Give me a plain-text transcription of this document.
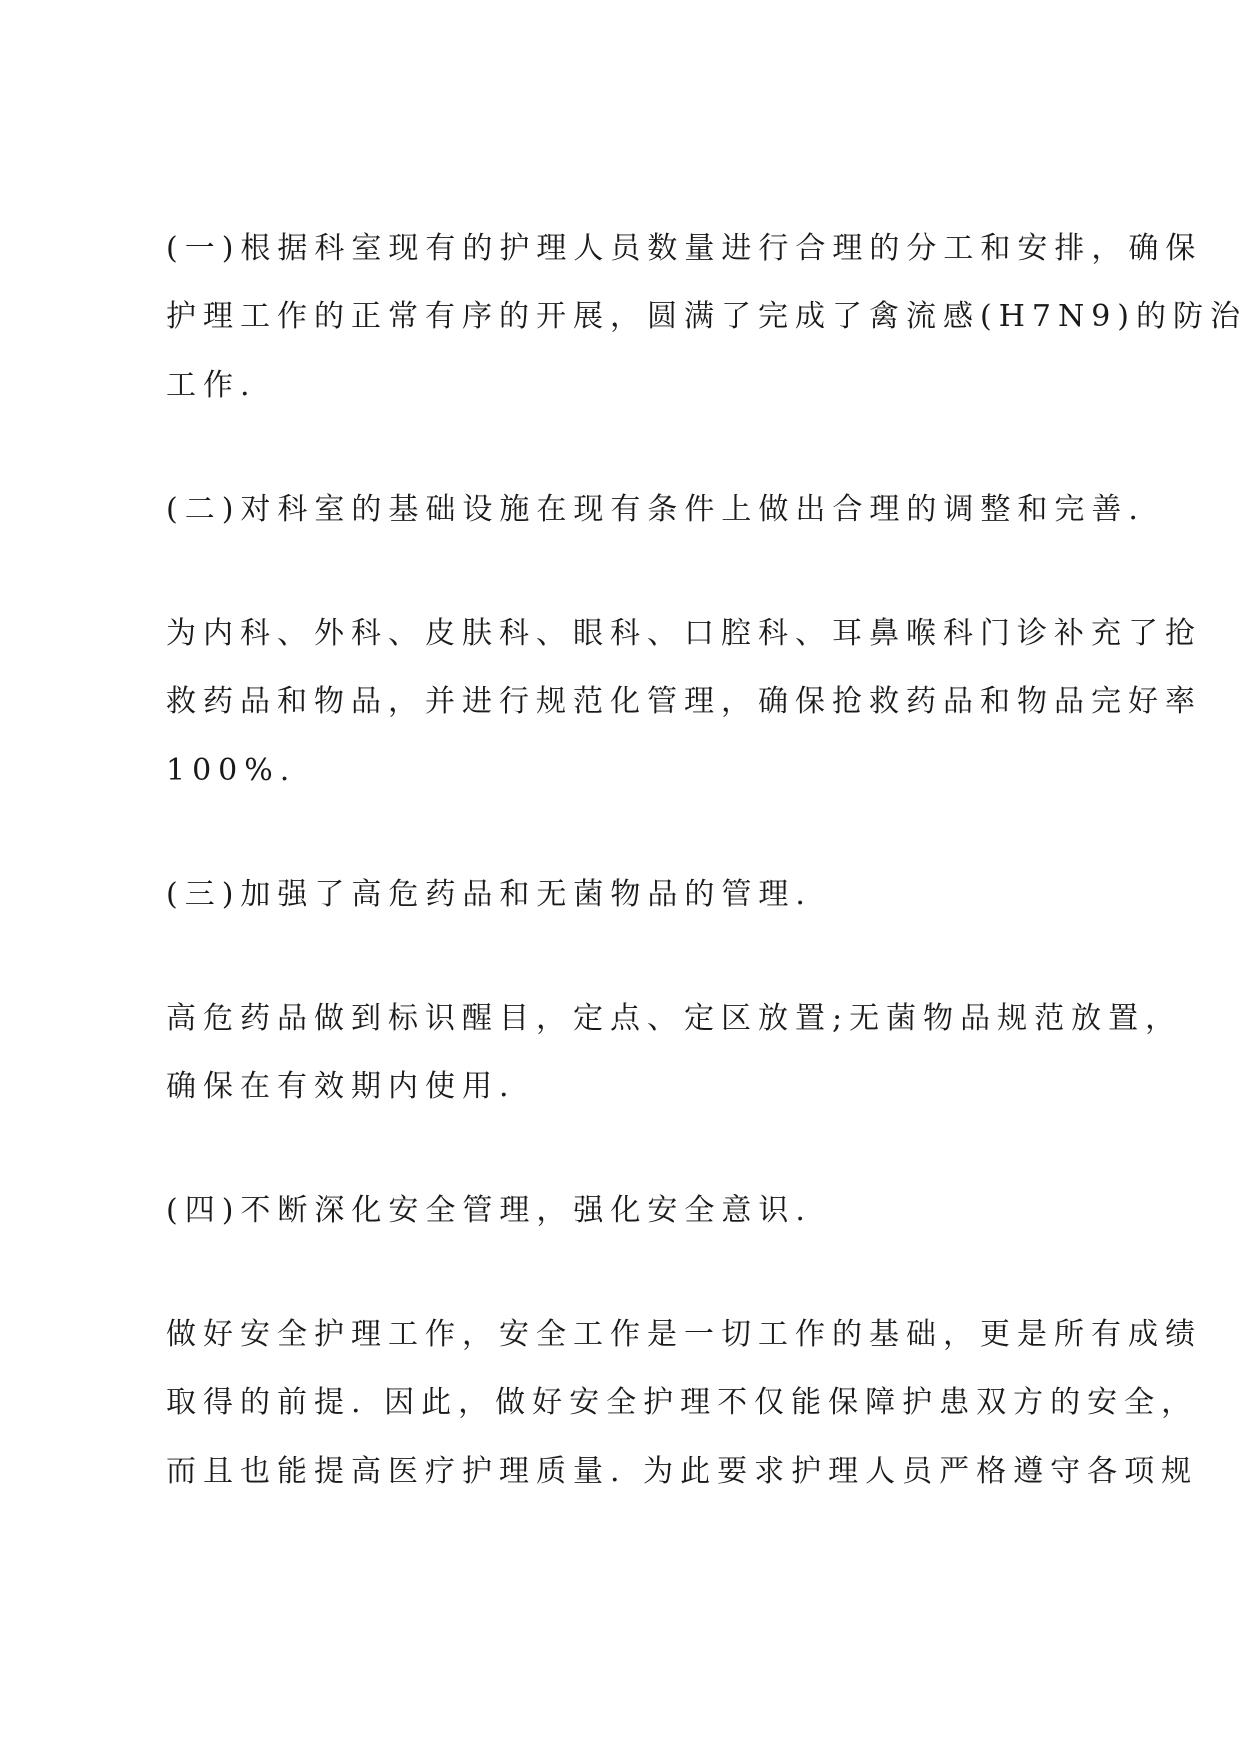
(一)根据科室现有的护理人员数量进行合理的分工和安排，确保
护理工作的正常有序的开展，圆满了完成了禽流感(H7N9)的防治
工作.
(二)对科室的基础设施在现有条件上做出合理的调整和完善.
为内科、外科、皮肤科、眼科、口腔科、耳鼻喉科门诊补充了抢
救药品和物品，并进行规范化管理，确保抢救药品和物品完好率
100%.
(三)加强了高危药品和无菌物品的管理.
高危药品做到标识醒目，定点、定区放置;无菌物品规范放置，
确保在有效期内使用.
(四)不断深化安全管理，强化安全意识.
做好安全护理工作，安全工作是一切工作的基础，更是所有成绩
取得的前提. 因此，做好安全护理不仅能保障护患双方的安全，
而且也能提高医疗护理质量. 为此要求护理人员严格遵守各项规
